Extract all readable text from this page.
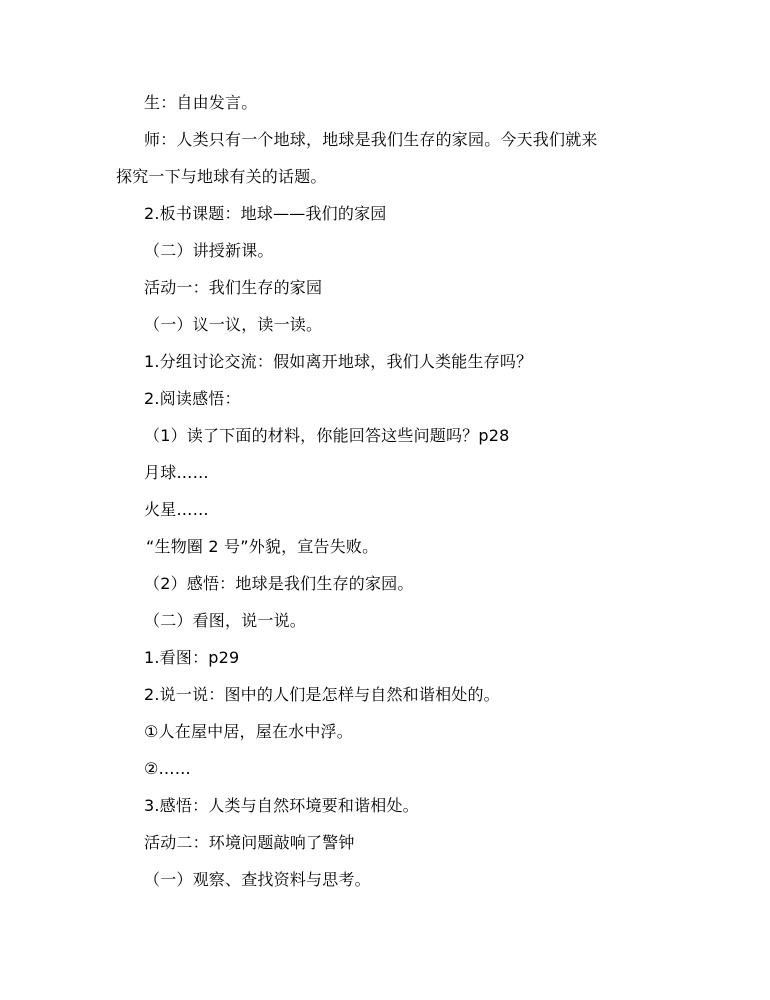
生：自由发言。
师：人类只有一个地球，地球是我们生存的家园。今天我们就来
探究一下与地球有关的话题。
2.板书课题：地球——我们的家园
（二）讲授新课。
活动一：我们生存的家园
（一）议一议，读一读。
1.分组讨论交流：假如离开地球，我们人类能生存吗？
2.阅读感悟：
（1）读了下面的材料，你能回答这些问题吗？p28
月球……
火星……
“生物圈 2 号”外貌，宣告失败。
（2）感悟：地球是我们生存的家园。
（二）看图，说一说。
1.看图：p29
2.说一说：图中的人们是怎样与自然和谐相处的。
①人在屋中居，屋在水中浮。
②……
3.感悟：人类与自然环境要和谐相处。
活动二：环境问题敲响了警钟
（一）观察、查找资料与思考。
